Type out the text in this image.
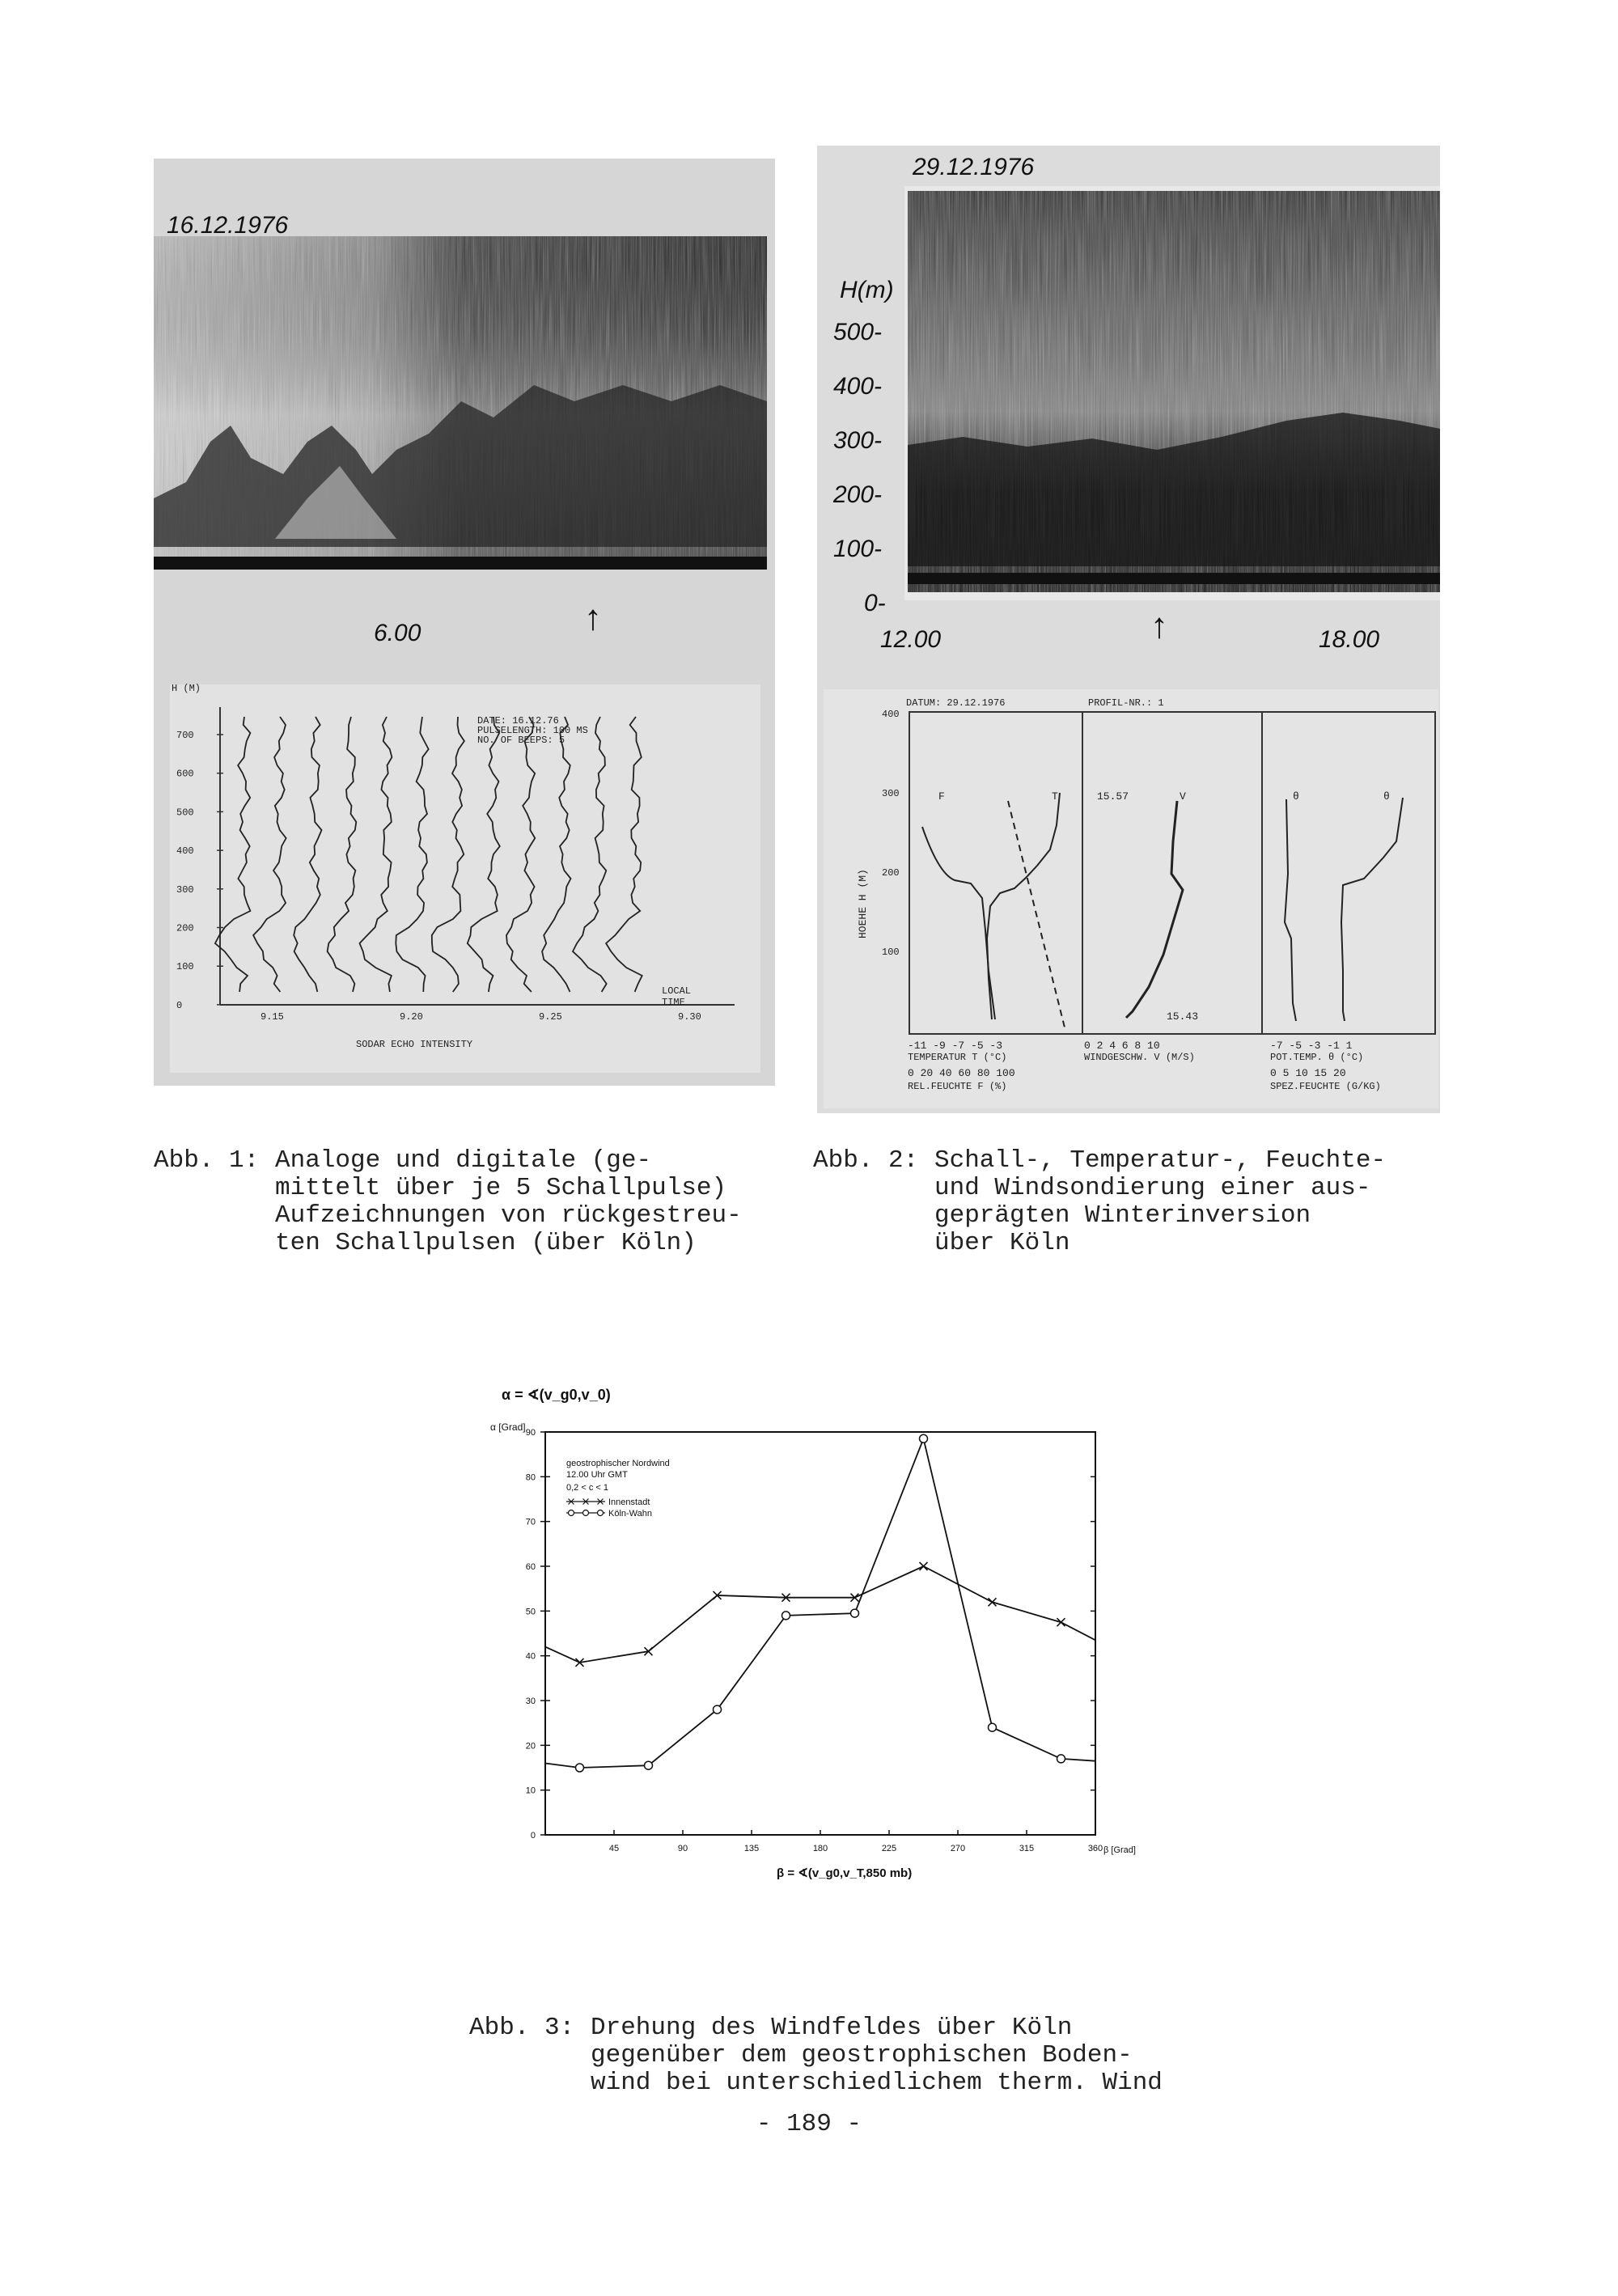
16.12.1976
6.00	↑
H (M)
700
600
500
400
300
200
100
0
9.15	9.20	9.25	9.30
DATE: 16.12.76
PULSELENGTH: 100 MS
NO. OF BEEPS: 5
LOCAL
TIME
SODAR ECHO INTENSITY
29.12.1976
H(m)
500-
400-
300-
200-
100-
0-
12.00	18.00
↑
DATUM: 29.12.1976	PROFIL-NR.: 1
HOEHE H (M)
400
300
200
100
F	T	15.57	V
15.43
θ	θ
-11 -9 -7 -5 -3
TEMPERATUR T (°C)
0 20 40 60 80 100
REL.FEUCHTE F (%)
0 2 4 6 8 10
WINDGESCHW. V (M/S)
-7 -5 -3 -1 1
POT.TEMP. θ (°C)
0 5 10 15 20
SPEZ.FEUCHTE (G/KG)
Abb. 1: Analoge und digitale (ge-
mittelt über je 5 Schallpulse)
Aufzeichnungen von rückgestreu-
ten Schallpulsen (über Köln)
Abb. 2: Schall-, Temperatur-, Feuchte-
und Windsondierung einer aus-
geprägten Winterinversion
über Köln
α = ∢(v_g0,v_0)
α [Grad]
0
10
20
30
40
50
60
70
80
90
45	90	135	180	225	270	315	360
geostrophischer Nordwind
12.00 Uhr GMT
0,2 < c < 1
Innenstadt
Köln-Wahn
β [Grad]
β = ∢(v_g0,v_T,850 mb)
Abb. 3: Drehung des Windfeldes über Köln
gegenüber dem geostrophischen Boden-
wind bei unterschiedlichem therm. Wind
- 189 -
